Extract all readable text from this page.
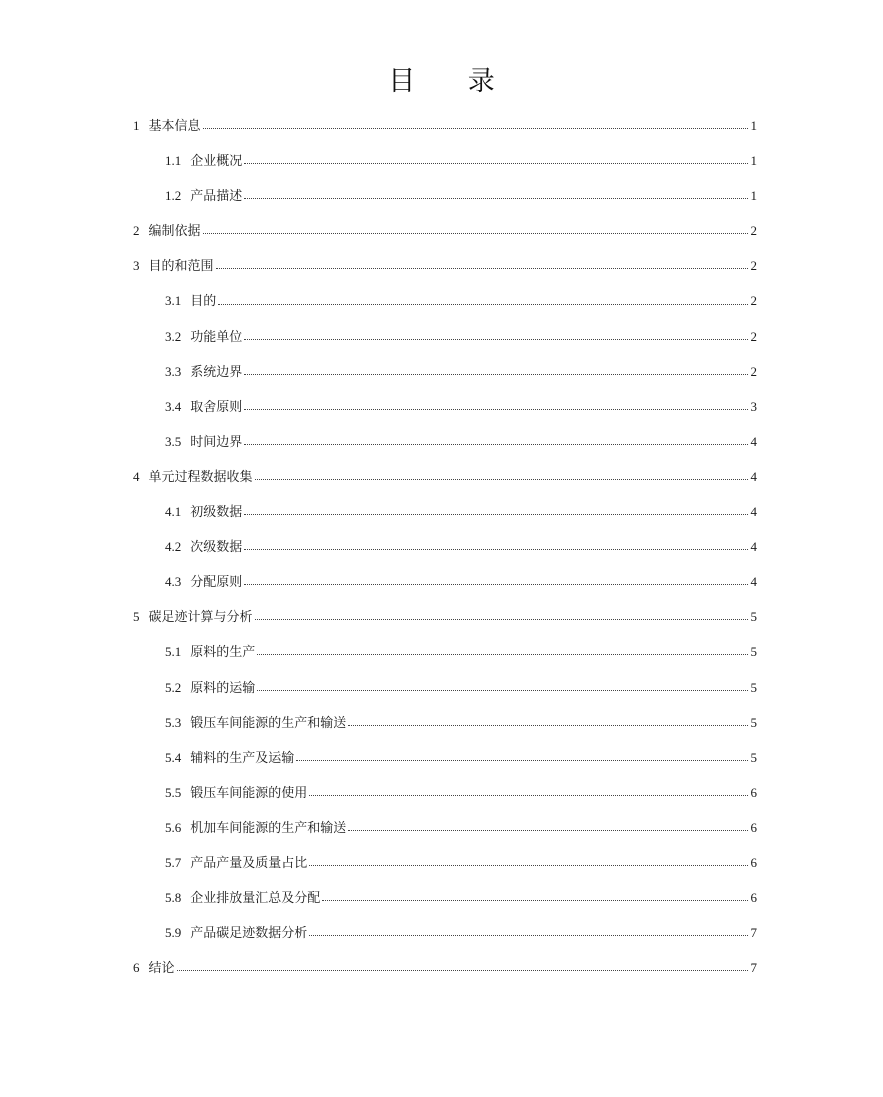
目 录
1 基本信息	1
1.1 企业概况	1
1.2 产品描述	1
2 编制依据	2
3 目的和范围	2
3.1 目的	2
3.2 功能单位	2
3.3 系统边界	2
3.4 取舍原则	3
3.5 时间边界	4
4 单元过程数据收集	4
4.1 初级数据	4
4.2 次级数据	4
4.3 分配原则	4
5 碳足迹计算与分析	5
5.1 原料的生产	5
5.2 原料的运输	5
5.3 锻压车间能源的生产和输送	5
5.4 辅料的生产及运输	5
5.5 锻压车间能源的使用	6
5.6 机加车间能源的生产和输送	6
5.7 产品产量及质量占比	6
5.8 企业排放量汇总及分配	6
5.9 产品碳足迹数据分析	7
6 结论	7
